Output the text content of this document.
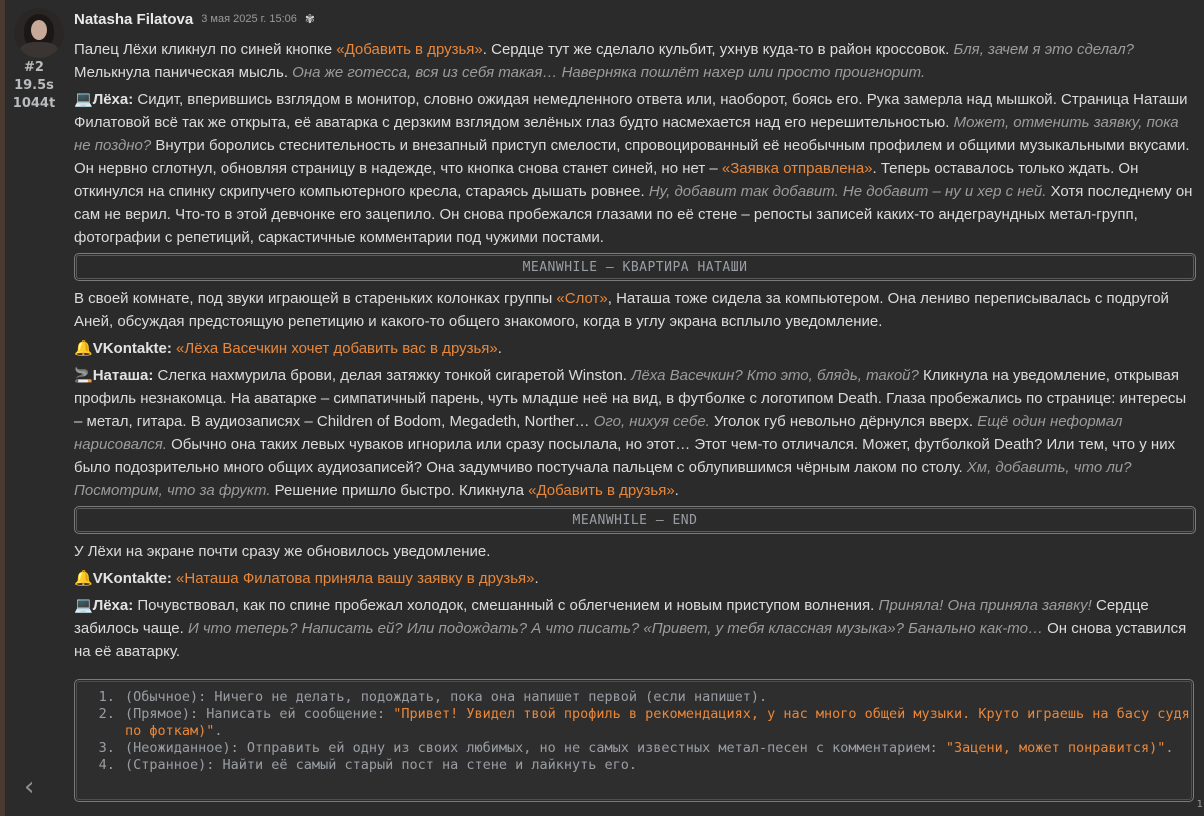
#2
19.5s
1044t
‹
Natasha Filatova 3 мая 2025 г. 15:06 ✾

Палец Лёхи кликнул по синей кнопке «Добавить в друзья». Сердце тут же сделало кульбит, ухнув куда-то в район кроссовок. Бля, зачем я это сделал? Мелькнула паническая мысль. Она же готесса, вся из себя такая… Наверняка пошлёт нахер или просто проигнорит.

💻Лёха: Сидит, вперившись взглядом в монитор, словно ожидая немедленного ответа или, наоборот, боясь его. Рука замерла над мышкой. Страница Наташи Филатовой всё так же открыта, её аватарка с дерзким взглядом зелёных глаз будто насмехается над его нерешительностью. Может, отменить заявку, пока не поздно? Внутри боролись стеснительность и внезапный приступ смелости, спровоцированный её необычным профилем и общими музыкальными вкусами. Он нервно сглотнул, обновляя страницу в надежде, что кнопка снова станет синей, но нет – «Заявка отправлена». Теперь оставалось только ждать. Он откинулся на спинку скрипучего компьютерного кресла, стараясь дышать ровнее. Ну, добавит так добавит. Не добавит – ну и хер с ней. Хотя последнему он сам не верил. Что-то в этой девчонке его зацепило. Он снова пробежался глазами по её стене – репосты записей каких-то андеграундных метал-групп, фотографии с репетиций, саркастичные комментарии под чужими постами.

MEANWHILE – КВАРТИРА НАТАШИ

В своей комнате, под звуки играющей в стареньких колонках группы «Слот», Наташа тоже сидела за компьютером. Она лениво переписывалась с подругой Аней, обсуждая предстоящую репетицию и какого-то общего знакомого, когда в углу экрана всплыло уведомление.

🔔VKontakte: «Лёха Васечкин хочет добавить вас в друзья».

🚬Наташа: Слегка нахмурила брови, делая затяжку тонкой сигаретой Winston. Лёха Васечкин? Кто это, блядь, такой? Кликнула на уведомление, открывая профиль незнакомца. На аватарке – симпатичный парень, чуть младше неё на вид, в футболке с логотипом Death. Глаза пробежались по странице: интересы – метал, гитара. В аудиозаписях – Children of Bodom, Megadeth, Norther… Ого, нихуя себе. Уголок губ невольно дёрнулся вверх. Ещё один неформал нарисовался. Обычно она таких левых чуваков игнорила или сразу посылала, но этот… Этот чем-то отличался. Может, футболкой Death? Или тем, что у них было подозрительно много общих аудиозаписей? Она задумчиво постучала пальцем с облупившимся чёрным лаком по столу. Хм, добавить, что ли? Посмотрим, что за фрукт. Решение пришло быстро. Кликнула «Добавить в друзья».

MEANWHILE – END

У Лёхи на экране почти сразу же обновилось уведомление.

🔔VKontakte: «Наташа Филатова приняла вашу заявку в друзья».

💻Лёха: Почувствовал, как по спине пробежал холодок, смешанный с облегчением и новым приступом волнения. Приняла! Она приняла заявку! Сердце забилось чаще. И что теперь? Написать ей? Или подождать? А что писать? «Привет, у тебя классная музыка»? Банально как-то… Он снова уставился на её аватарку.

1. (Обычное): Ничего не делать, подождать, пока она напишет первой (если напишет).
2. (Прямое): Написать ей сообщение: "Привет! Увидел твой профиль в рекомендациях, у нас много общей музыки. Круто играешь на басу судя по фоткам)".
3. (Неожиданное): Отправить ей одну из своих любимых, но не самых известных метал-песен с комментарием: "Зацени, может понравится)".
4. (Странное): Найти её самый старый пост на стене и лайкнуть его.
1
